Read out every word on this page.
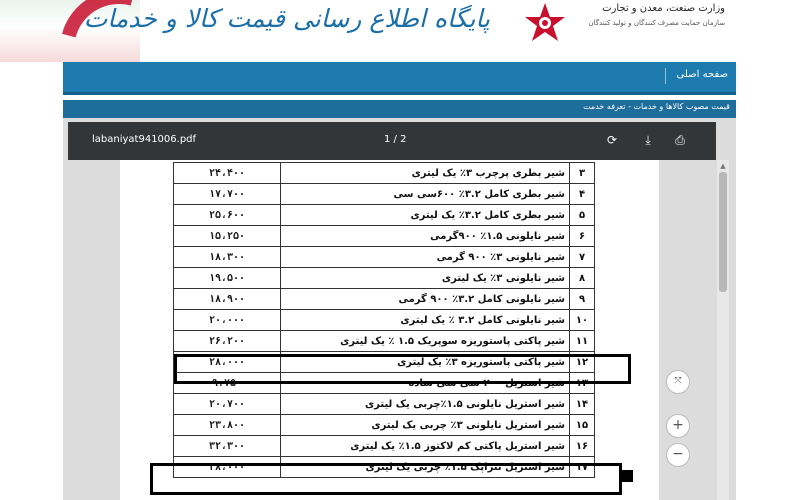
پایگاه اطلاع رسانی قیمت کالا و خدمات	وزارت صنعت، معدن و تجارت
سازمان حمایت مصرف کنندگان و تولید کنندگان
صفحه اصلی
قیمت مصوب کالاها و خدمات - تعرفه خدمت
labaniyat941006.pdf	1 / 2	⟳	⤓	⎙
۲۴،۴۰۰	شیر بطری پرچرب ۳٪ یک لیتری	۳
۱۷،۷۰۰	شیر بطری کامل ۳.۲٪ ۶۰۰سی سی	۴
۲۵،۶۰۰	شیر بطری کامل ۳.۲٪ یک لیتری	۵
۱۵،۲۵۰	شیر نایلونی ۱.۵٪ ۹۰۰گرمی	۶
۱۸،۳۰۰	شیر نایلونی ۳٪ ۹۰۰ گرمی	۷
۱۹،۵۰۰	شیر نایلونی ۳٪ یک لیتری	۸
۱۸،۹۰۰	شیر نایلونی کامل ۳.۲٪ ۹۰۰ گرمی	۹
۲۰،۰۰۰	شیر نایلونی کامل ۳.۲ ٪ یک لیتری	۱۰
۲۶،۲۰۰	شیر پاکتی پاستوریزه سوپریک ۱.۵ ٪ یک لیتری	۱۱
۲۸،۰۰۰	شیر پاکتی پاستوریزه ۳٪ یک لیتری	۱۲
۹،۷۵۰	شیر استریل ۲۰۰ سی سی ساده	۱۳
۲۰،۷۰۰	شیر استریل نایلونی ۱.۵٪چربی یک لیتری	۱۴
۲۳،۸۰۰	شیر استریل نایلونی ۳٪ چربی یک لیتری	۱۵
۳۲،۳۰۰	شیر استریل پاکتی کم لاکتوز ۱.۵٪ یک لیتری	۱۶
۲۸،۰۰۰	شیر استریل تتراپک ۱.۵٪ چربی یک لیتری	۱۷
▲
⤧
+
−
